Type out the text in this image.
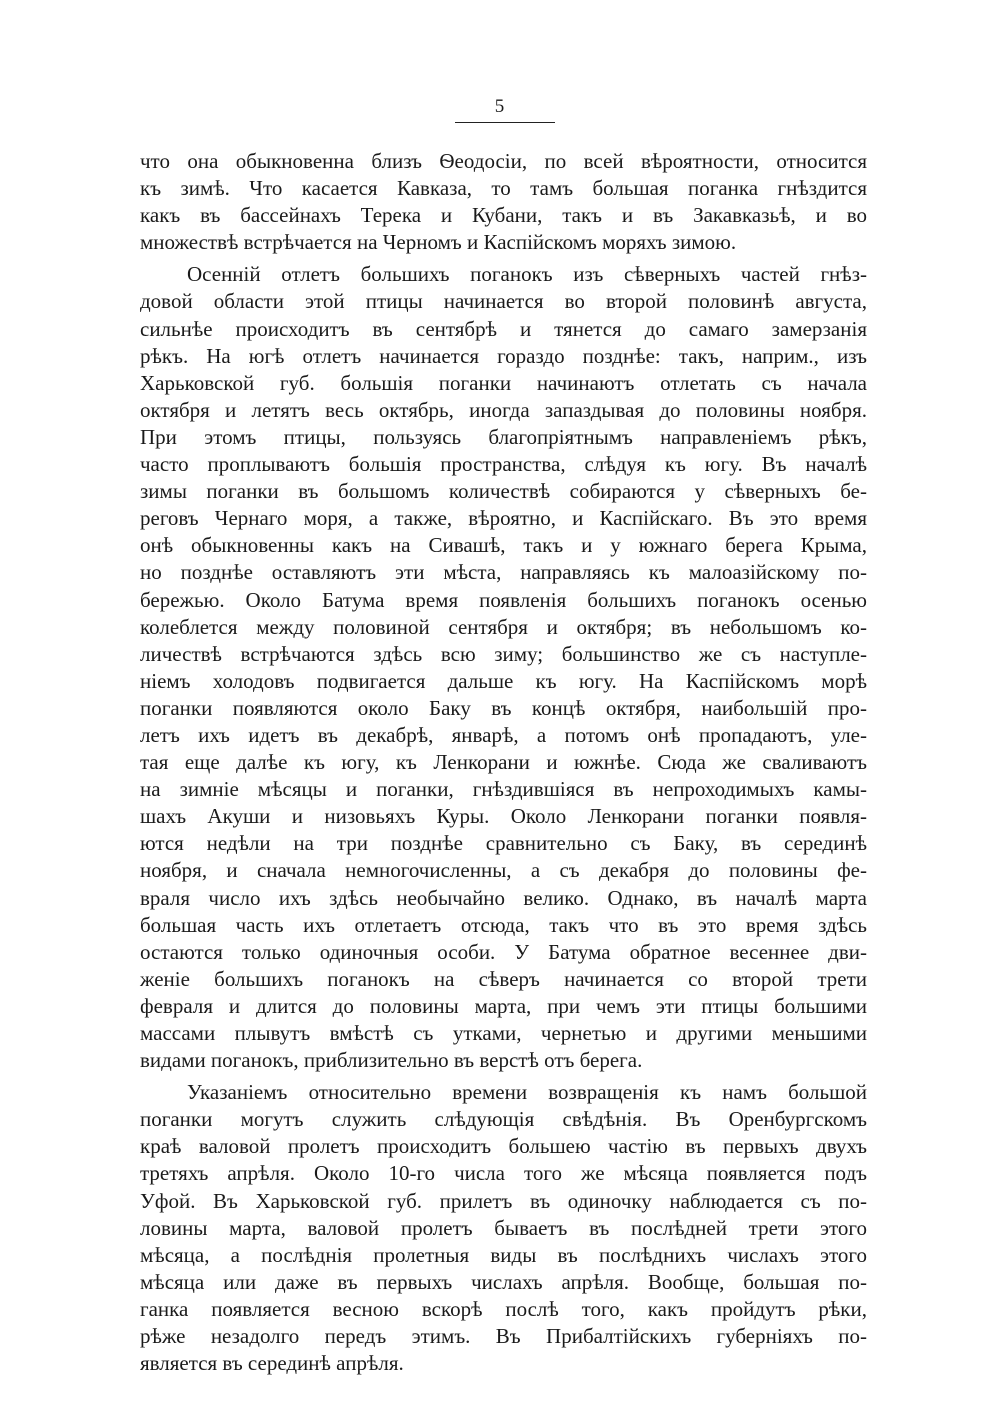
5
что она обыкновенна близъ Ѳеодосіи, по всей вѣроятности, относится
къ зимѣ. Что касается Кавказа, то тамъ большая поганка гнѣздится
какъ въ бассейнахъ Терека и Кубани, такъ и въ Закавказьѣ, и во
множествѣ встрѣчается на Черномъ и Каспійскомъ моряхъ зимою.
Осенній отлетъ большихъ поганокъ изъ сѣверныхъ частей гнѣз-
довой области этой птицы начинается во второй половинѣ августа,
сильнѣе происходитъ въ сентябрѣ и тянется до самаго замерзанія
рѣкъ. На югѣ отлетъ начинается гораздо позднѣе: такъ, наприм., изъ
Харьковской губ. большія поганки начинаютъ отлетать съ начала
октября и летятъ весь октябрь, иногда запаздывая до половины ноября.
При этомъ птицы, пользуясь благопріятнымъ направленіемъ рѣкъ,
часто проплываютъ большія пространства, слѣдуя къ югу. Въ началѣ
зимы поганки въ большомъ количествѣ собираются у сѣверныхъ бе-
реговъ Чернаго моря, а также, вѣроятно, и Каспійскаго. Въ это время
онѣ обыкновенны какъ на Сивашѣ, такъ и у южнаго берега Крыма,
но позднѣе оставляютъ эти мѣста, направляясь къ малоазійскому по-
бережью. Около Батума время появленія большихъ поганокъ осенью
колеблется между половиной сентября и октября; въ небольшомъ ко-
личествѣ встрѣчаются здѣсь всю зиму; большинство же съ наступле-
ніемъ холодовъ подвигается дальше къ югу. На Каспійскомъ морѣ
поганки появляются около Баку въ концѣ октября, наибольшій про-
летъ ихъ идетъ въ декабрѣ, январѣ, а потомъ онѣ пропадаютъ, уле-
тая еще далѣе къ югу, къ Ленкорани и южнѣе. Сюда же сваливаютъ
на зимніе мѣсяцы и поганки, гнѣздившіяся въ непроходимыхъ камы-
шахъ Акуши и низовьяхъ Куры. Около Ленкорани поганки появля-
ются недѣли на три позднѣе сравнительно съ Баку, въ серединѣ
ноября, и сначала немногочисленны, а съ декабря до половины фе-
враля число ихъ здѣсь необычайно велико. Однако, въ началѣ марта
большая часть ихъ отлетаетъ отсюда, такъ что въ это время здѣсь
остаются только одиночныя особи. У Батума обратное весеннее дви-
женіе большихъ поганокъ на сѣверъ начинается со второй трети
февраля и длится до половины марта, при чемъ эти птицы большими
массами плывутъ вмѣстѣ съ утками, чернетью и другими меньшими
видами поганокъ, приблизительно въ верстѣ отъ берега.
Указаніемъ относительно времени возвращенія къ намъ большой
поганки могутъ служить слѣдующія свѣдѣнія. Въ Оренбургскомъ
краѣ валовой пролетъ происходитъ большею частію въ первыхъ двухъ
третяхъ апрѣля. Около 10-го числа того же мѣсяца появляется подъ
Уфой. Въ Харьковской губ. прилетъ въ одиночку наблюдается съ по-
ловины марта, валовой пролетъ бываетъ въ послѣдней трети этого
мѣсяца, а послѣднія пролетныя виды въ послѣднихъ числахъ этого
мѣсяца или даже въ первыхъ числахъ апрѣля. Вообще, большая по-
ганка появляется весною вскорѣ послѣ того, какъ пройдутъ рѣки,
рѣже незадолго передъ этимъ. Въ Прибалтійскихъ губерніяхъ по-
является въ серединѣ апрѣля.
